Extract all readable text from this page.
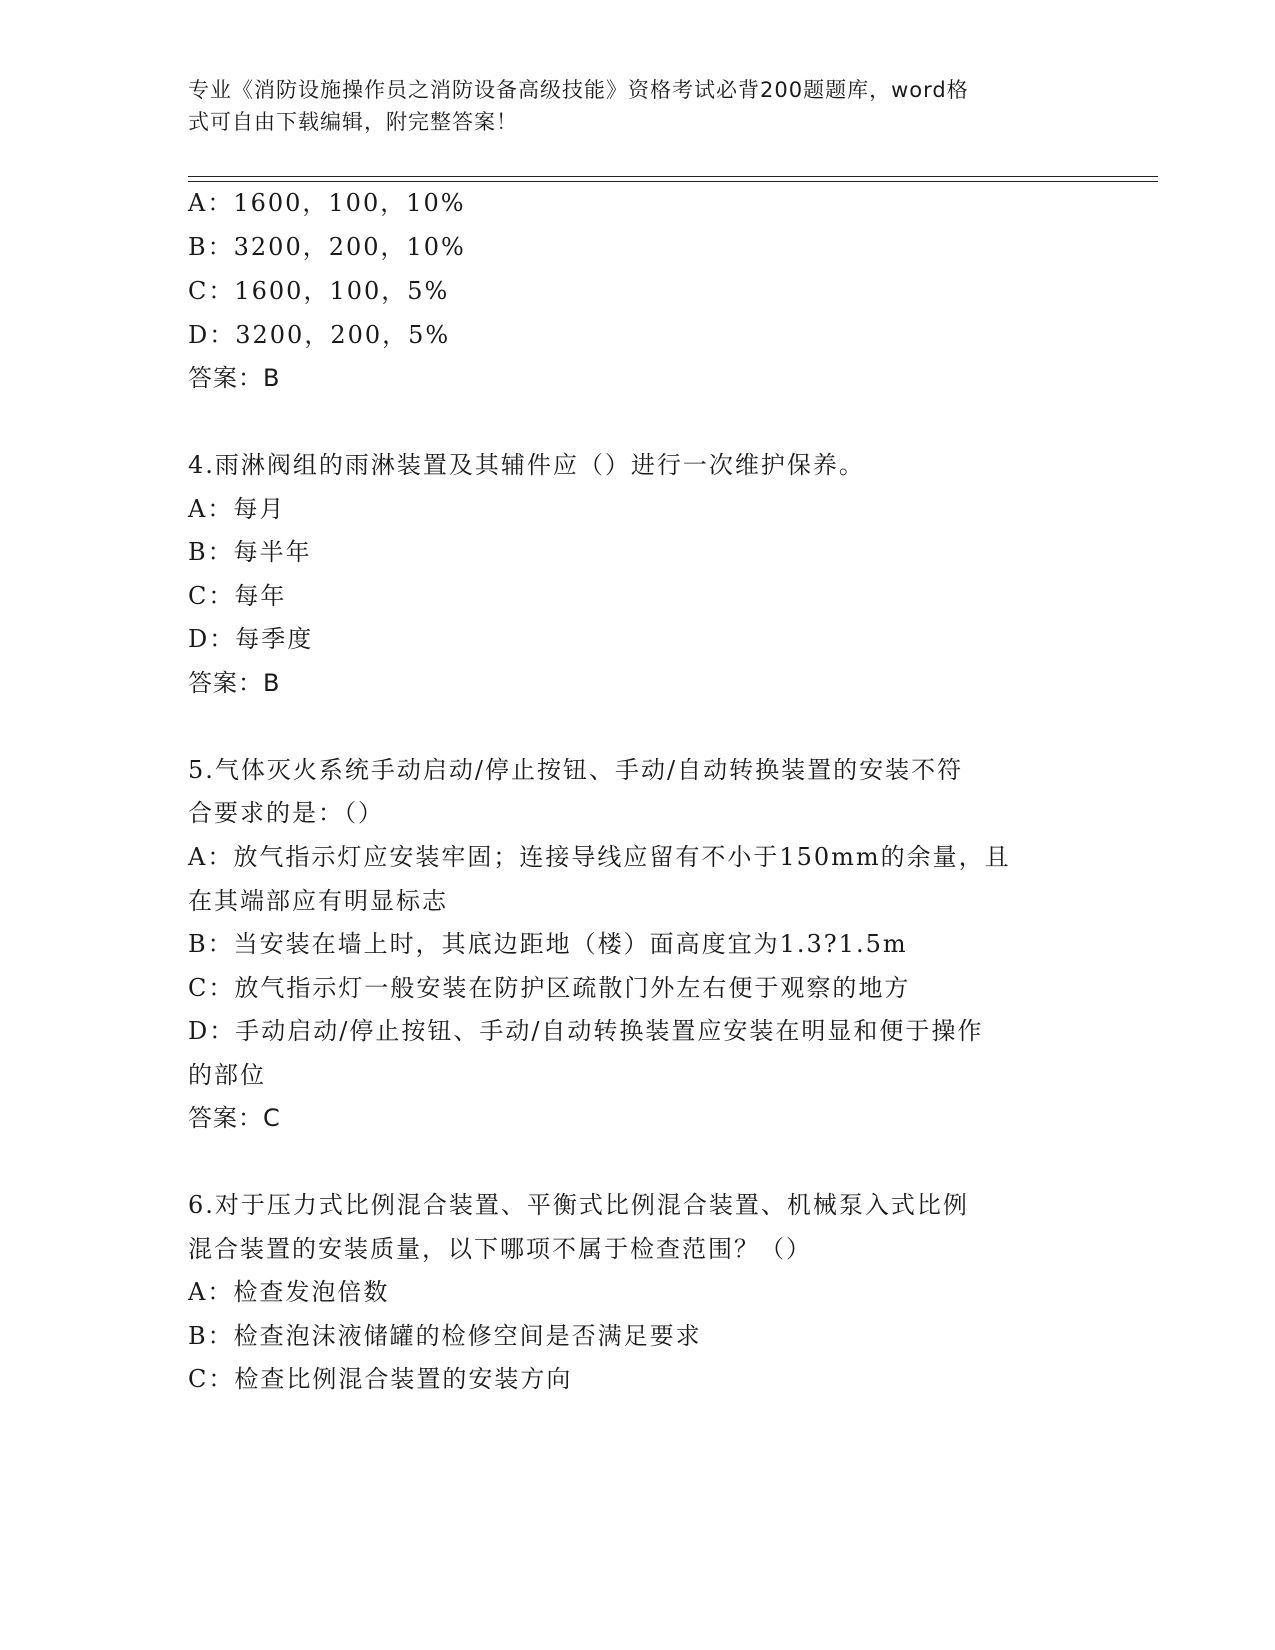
专业《消防设施操作员之消防设备高级技能》资格考试必背200题题库，word格
式可自由下载编辑，附完整答案！
A：1600，100，10%
B：3200，200，10%
C：1600，100，5%
D：3200，200，5%
答案：B
4.雨淋阀组的雨淋装置及其辅件应（）进行一次维护保养。
A：每月
B：每半年
C：每年
D：每季度
答案：B
5.气体灭火系统手动启动/停止按钮、手动/自动转换装置的安装不符
合要求的是：（）
A：放气指示灯应安装牢固；连接导线应留有不小于150mm的余量，且
在其端部应有明显标志
B：当安装在墙上时，其底边距地（楼）面高度宜为1.3?1.5m
C：放气指示灯一般安装在防护区疏散门外左右便于观察的地方
D：手动启动/停止按钮、手动/自动转换装置应安装在明显和便于操作
的部位
答案：C
6.对于压力式比例混合装置、平衡式比例混合装置、机械泵入式比例
混合装置的安装质量，以下哪项不属于检查范围？（）
A：检查发泡倍数
B：检查泡沫液储罐的检修空间是否满足要求
C：检查比例混合装置的安装方向
